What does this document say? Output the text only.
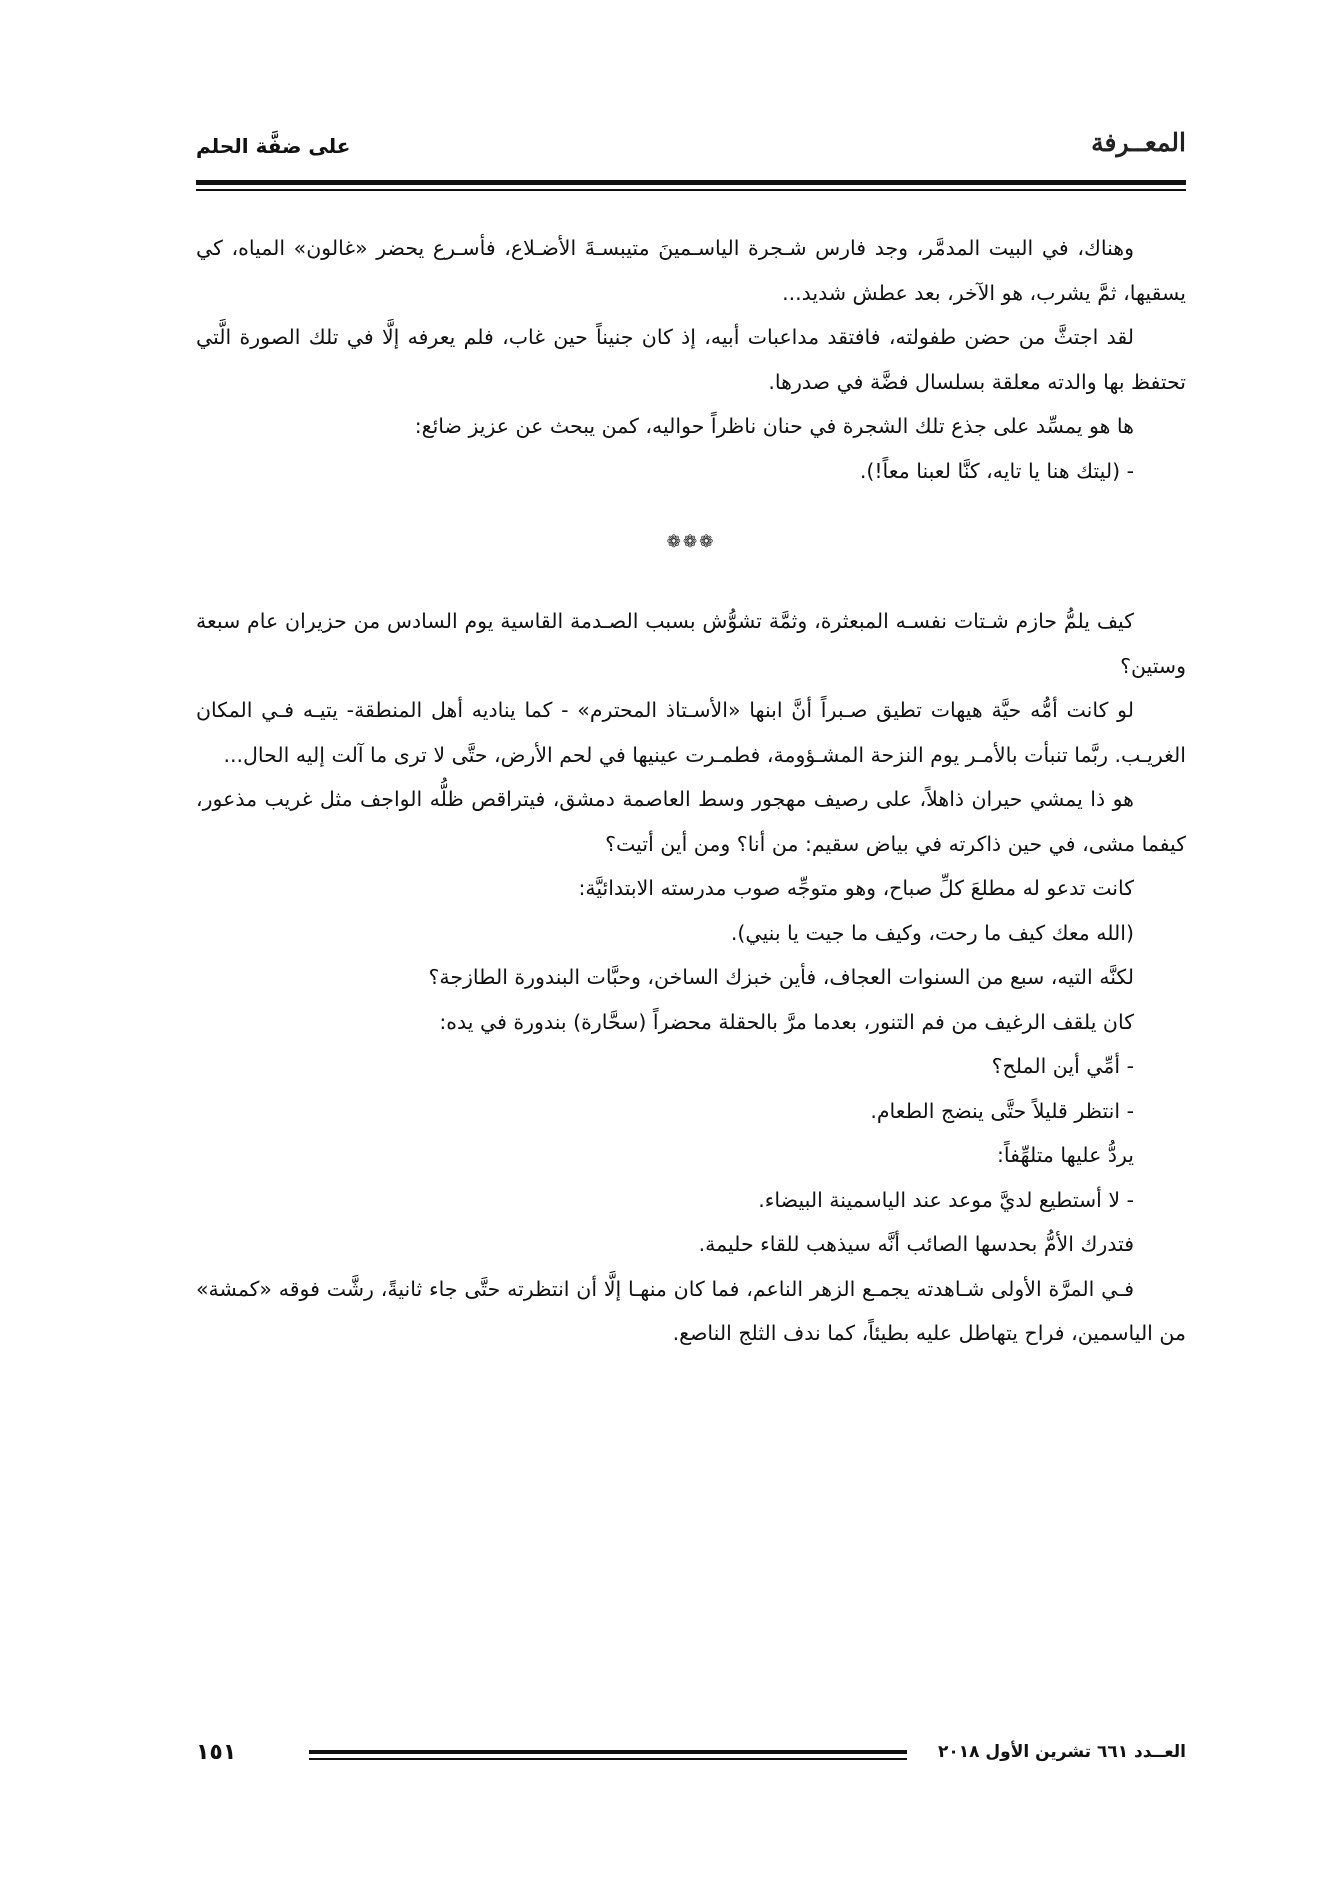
المعــرفة
على ضفَّة الحلم

وهناك، في البيت المدمَّر، وجد فارس شـجرة الياسـمينَ متيبسـةَ الأضـلاع، فأسـرع يحضر «غالون» المياه، كي يسقيها، ثمَّ يشرب، هو الآخر، بعد عطش شديد...

لقد اجتثَّ من حضن طفولته، فافتقد مداعبات أبيه، إذ كان جنيناً حين غاب، فلم يعرفه إلَّا في تلك الصورة الَّتي تحتفظ بها والدته معلقة بسلسال فضَّة في صدرها.

ها هو يمسِّد على جذع تلك الشجرة في حنان ناظراً حواليه، كمن يبحث عن عزيز ضائع:

- (ليتك هنا يا تايه، كنَّا لعبنا معاً!).

❁❁❁

كيف يلمُّ حازم شـتات نفسـه المبعثرة، وثمَّة تشوُّش بسبب الصـدمة القاسية يوم السادس من حزيران عام سبعة وستين؟

لو كانت أمُّه حيَّة هيهات تطيق صـبراً أنَّ ابنها «الأسـتاذ المحترم» - كما يناديه أهل المنطقة- يتيـه فـي المكان الغريـب. ربَّما تنبأت بالأمـر يوم النزحة المشـؤومة، فطمـرت عينيها في لحم الأرض، حتَّى لا ترى ما آلت إليه الحال...

هو ذا يمشي حيران ذاهلاً، على رصيف مهجور وسط العاصمة دمشق، فيتراقص ظلُّه الواجف مثل غريب مذعور، كيفما مشى، في حين ذاكرته في بياض سقيم: من أنا؟ ومن أين أتيت؟

كانت تدعو له مطلعَ كلِّ صباح، وهو متوجِّه صوب مدرسته الابتدائيَّة:

(الله معك كيف ما رحت، وكيف ما جيت يا بنيي).

لكنَّه التيه، سبع من السنوات العجاف، فأين خبزك الساخن، وحبَّات البندورة الطازجة؟

كان يلقف الرغيف من فم التنور، بعدما مرَّ بالحقلة محضراً (سحَّارة) بندورة في يده:

- أمِّي أين الملح؟

- انتظر قليلاً حتَّى ينضج الطعام.

يردُّ عليها متلهِّفاً:

- لا أستطيع لديَّ موعد عند الياسمينة البيضاء.

فتدرك الأمُّ بحدسها الصائب أنَّه سيذهب للقاء حليمة.

فـي المرَّة الأولى شـاهدته يجمـع الزهر الناعم، فما كان منهـا إلَّا أن انتظرته حتَّى جاء ثانيةً، رشَّت فوقه «كمشة» من الياسمين، فراح يتهاطل عليه بطيئاً، كما ندف الثلج الناصع.

العــدد ٦٦١ تشرين الأول ٢٠١٨
١٥١
